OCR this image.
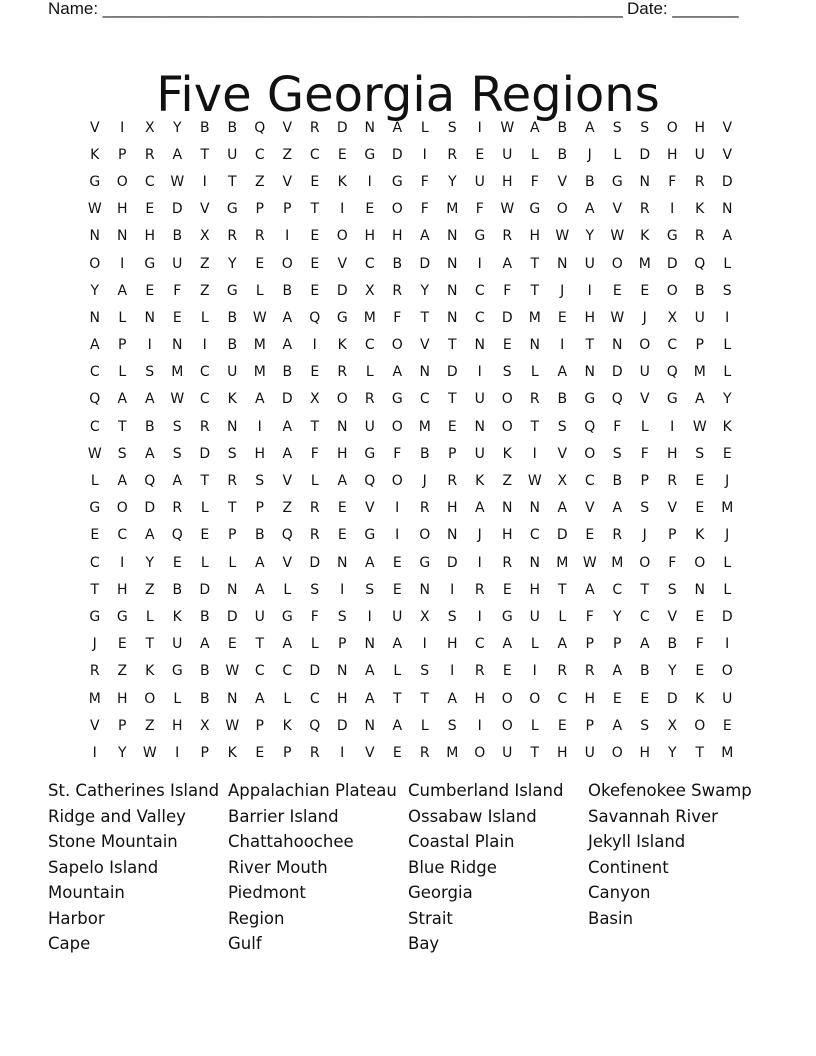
Name: _______________________________________________________ Date: _______
Five Georgia Regions
V	I	X	Y	B	B	Q	V	R	D	N	A	L	S	I	W	A	B	A	S	S	O	H	V
K	P	R	A	T	U	C	Z	C	E	G	D	I	R	E	U	L	B	J	L	D	H	U	V
G	O	C	W	I	T	Z	V	E	K	I	G	F	Y	U	H	F	V	B	G	N	F	R	D
W	H	E	D	V	G	P	P	T	I	E	O	F	M	F	W	G	O	A	V	R	I	K	N
N	N	H	B	X	R	R	I	E	O	H	H	A	N	G	R	H	W	Y	W	K	G	R	A
O	I	G	U	Z	Y	E	O	E	V	C	B	D	N	I	A	T	N	U	O	M	D	Q	L
Y	A	E	F	Z	G	L	B	E	D	X	R	Y	N	C	F	T	J	I	E	E	O	B	S
N	L	N	E	L	B	W	A	Q	G	M	F	T	N	C	D	M	E	H	W	J	X	U	I
A	P	I	N	I	B	M	A	I	K	C	O	V	T	N	E	N	I	T	N	O	C	P	L
C	L	S	M	C	U	M	B	E	R	L	A	N	D	I	S	L	A	N	D	U	Q	M	L
Q	A	A	W	C	K	A	D	X	O	R	G	C	T	U	O	R	B	G	Q	V	G	A	Y
C	T	B	S	R	N	I	A	T	N	U	O	M	E	N	O	T	S	Q	F	L	I	W	K
W	S	A	S	D	S	H	A	F	H	G	F	B	P	U	K	I	V	O	S	F	H	S	E
L	A	Q	A	T	R	S	V	L	A	Q	O	J	R	K	Z	W	X	C	B	P	R	E	J
G	O	D	R	L	T	P	Z	R	E	V	I	R	H	A	N	N	A	V	A	S	V	E	M
E	C	A	Q	E	P	B	Q	R	E	G	I	O	N	J	H	C	D	E	R	J	P	K	J
C	I	Y	E	L	L	A	V	D	N	A	E	G	D	I	R	N	M	W	M	O	F	O	L
T	H	Z	B	D	N	A	L	S	I	S	E	N	I	R	E	H	T	A	C	T	S	N	L
G	G	L	K	B	D	U	G	F	S	I	U	X	S	I	G	U	L	F	Y	C	V	E	D
J	E	T	U	A	E	T	A	L	P	N	A	I	H	C	A	L	A	P	P	A	B	F	I
R	Z	K	G	B	W	C	C	D	N	A	L	S	I	R	E	I	R	R	A	B	Y	E	O
M	H	O	L	B	N	A	L	C	H	A	T	T	A	H	O	O	C	H	E	E	D	K	U
V	P	Z	H	X	W	P	K	Q	D	N	A	L	S	I	O	L	E	P	A	S	X	O	E
I	Y	W	I	P	K	E	P	R	I	V	E	R	M	O	U	T	H	U	O	H	Y	T	M
St. Catherines Island
Ridge and Valley
Stone Mountain
Sapelo Island
Mountain
Harbor
Cape
Appalachian Plateau
Barrier Island
Chattahoochee
River Mouth
Piedmont
Region
Gulf
Cumberland Island
Ossabaw Island
Coastal Plain
Blue Ridge
Georgia
Strait
Bay
Okefenokee Swamp
Savannah River
Jekyll Island
Continent
Canyon
Basin
